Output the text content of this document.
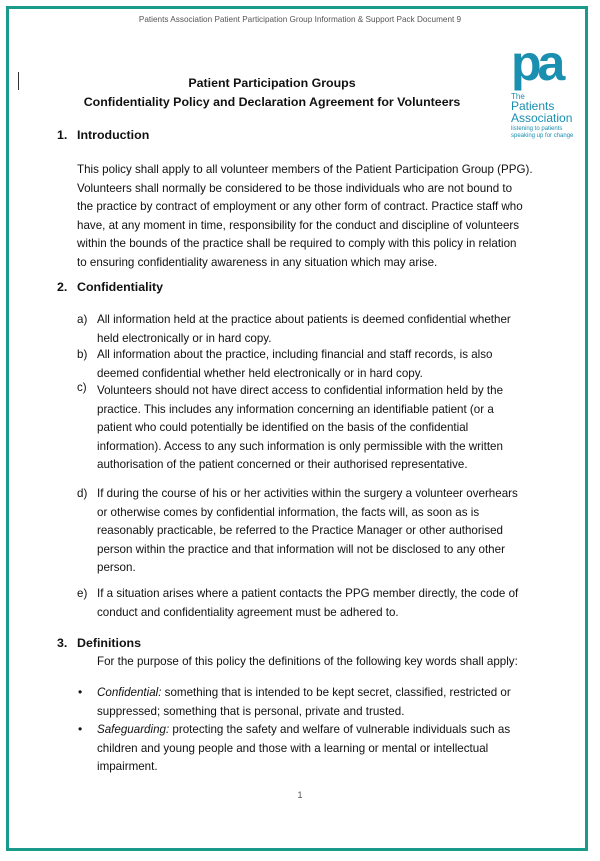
Patients Association Patient Participation Group Information & Support Pack Document 9
Patient Participation Groups
Confidentiality Policy and Declaration Agreement for Volunteers
pa
The
Patients Association
listening to patients speaking up for change
1. Introduction
This policy shall apply to all volunteer members of the Patient Participation Group (PPG).
Volunteers shall normally be considered to be those individuals who are not bound to
the practice by contract of employment or any other form of contract. Practice staff who
have, at any moment in time, responsibility for the conduct and discipline of volunteers
within the bounds of the practice shall be required to comply with this policy in relation
to ensuring confidentiality awareness in any situation which may arise.
2. Confidentiality
a) All information held at the practice about patients is deemed confidential whether
held electronically or in hard copy.
b) All information about the practice, including financial and staff records, is also
deemed confidential whether held electronically or in hard copy.
c) Volunteers should not have direct access to confidential information held by the
practice. This includes any information concerning an identifiable patient (or a
patient who could potentially be identified on the basis of the confidential
information). Access to any such information is only permissible with the written
authorisation of the patient concerned or their authorised representative.
d) If during the course of his or her activities within the surgery a volunteer overhears
or otherwise comes by confidential information, the facts will, as soon as is
reasonably practicable, be referred to the Practice Manager or other authorised
person within the practice and that information will not be disclosed to any other
person.
e) If a situation arises where a patient contacts the PPG member directly, the code of
conduct and confidentiality agreement must be adhered to.
3. Definitions
For the purpose of this policy the definitions of the following key words shall apply:
• Confidential: something that is intended to be kept secret, classified, restricted or
suppressed; something that is personal, private and trusted.
• Safeguarding: protecting the safety and welfare of vulnerable individuals such as
children and young people and those with a learning or mental or intellectual
impairment.
1
